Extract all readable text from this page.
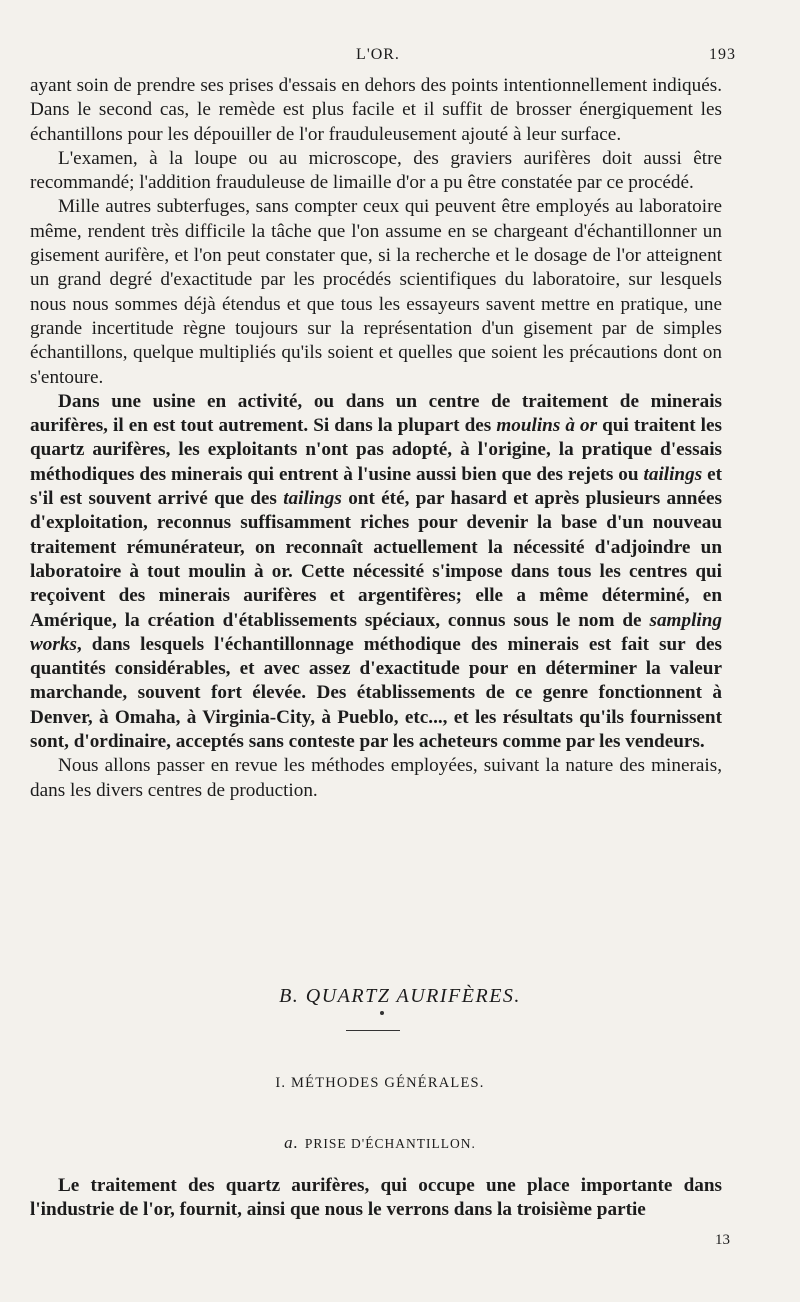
L'OR.	193

ayant soin de prendre ses prises d'essais en dehors des points intentionnellement indiqués. Dans le second cas, le remède est plus facile et il suffit de brosser énergiquement les échantillons pour les dépouiller de l'or frauduleusement ajouté à leur surface.

L'examen, à la loupe ou au microscope, des graviers aurifères doit aussi être recommandé; l'addition frauduleuse de limaille d'or a pu être constatée par ce procédé.

Mille autres subterfuges, sans compter ceux qui peuvent être employés au laboratoire même, rendent très difficile la tâche que l'on assume en se chargeant d'échantillonner un gisement aurifère, et l'on peut constater que, si la recherche et le dosage de l'or atteignent un grand degré d'exactitude par les procédés scientifiques du laboratoire, sur lesquels nous nous sommes déjà étendus et que tous les essayeurs savent mettre en pratique, une grande incertitude règne toujours sur la représentation d'un gisement par de simples échantillons, quelque multipliés qu'ils soient et quelles que soient les précautions dont on s'entoure.

Dans une usine en activité, ou dans un centre de traitement de minerais aurifères, il en est tout autrement. Si dans la plupart des moulins à or qui traitent les quartz aurifères, les exploitants n'ont pas adopté, à l'origine, la pratique d'essais méthodiques des minerais qui entrent à l'usine aussi bien que des rejets ou tailings et s'il est souvent arrivé que des tailings ont été, par hasard et après plusieurs années d'exploitation, reconnus suffisamment riches pour devenir la base d'un nouveau traitement rémunérateur, on reconnaît actuellement la nécessité d'adjoindre un laboratoire à tout moulin à or. Cette nécessité s'impose dans tous les centres qui reçoivent des minerais aurifères et argentifères; elle a même déterminé, en Amérique, la création d'établissements spéciaux, connus sous le nom de sampling works, dans lesquels l'échantillonnage méthodique des minerais est fait sur des quantités considérables, et avec assez d'exactitude pour en déterminer la valeur marchande, souvent fort élevée. Des établissements de ce genre fonctionnent à Denver, à Omaha, à Virginia-City, à Pueblo, etc..., et les résultats qu'ils fournissent sont, d'ordinaire, acceptés sans conteste par les acheteurs comme par les vendeurs.

Nous allons passer en revue les méthodes employées, suivant la nature des minerais, dans les divers centres de production.

B. QUARTZ AURIFÈRES.
I. MÉTHODES GÉNÉRALES.
a. PRISE D'ÉCHANTILLON.

Le traitement des quartz aurifères, qui occupe une place importante dans l'industrie de l'or, fournit, ainsi que nous le verrons dans la troisième partie

13
